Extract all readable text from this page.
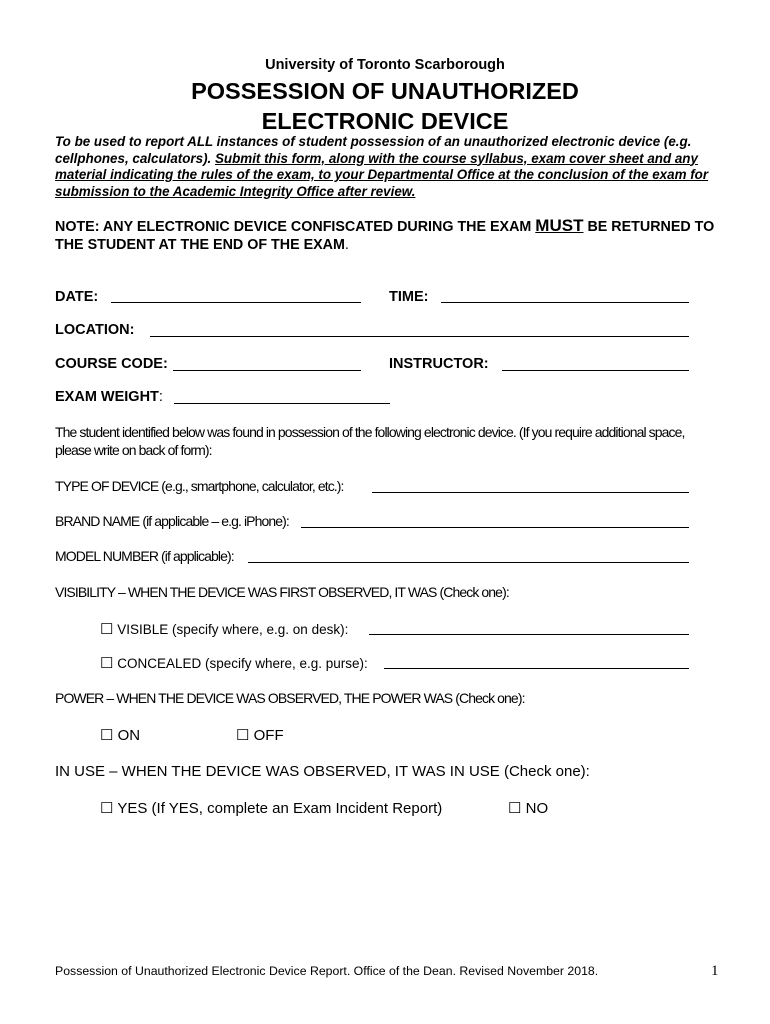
University of Toronto Scarborough
POSSESSION OF UNAUTHORIZED
ELECTRONIC DEVICE
To be used to report ALL instances of student possession of an unauthorized electronic device (e.g. cellphones, calculators). Submit this form, along with the course syllabus, exam cover sheet and any material indicating the rules of the exam, to your Departmental Office at the conclusion of the exam for submission to the Academic Integrity Office after review.
NOTE: ANY ELECTRONIC DEVICE CONFISCATED DURING THE EXAM MUST BE RETURNED TO THE STUDENT AT THE END OF THE EXAM.
DATE:	TIME:
LOCATION:
COURSE CODE:	INSTRUCTOR:
EXAM WEIGHT:
The student identified below was found in possession of the following electronic device. (If you require additional space,
please write on back of form):
TYPE OF DEVICE (e.g., smartphone, calculator, etc.):
BRAND NAME (if applicable – e.g. iPhone):
MODEL NUMBER (if applicable):
VISIBILITY – WHEN THE DEVICE WAS FIRST OBSERVED, IT WAS (Check one):
☐ VISIBLE (specify where, e.g. on desk):
☐ CONCEALED (specify where, e.g. purse):
POWER – WHEN THE DEVICE WAS OBSERVED, THE POWER WAS (Check one):
☐ ON	☐ OFF
IN USE – WHEN THE DEVICE WAS OBSERVED, IT WAS IN USE (Check one):
☐ YES (If YES, complete an Exam Incident Report)	☐ NO
Possession of Unauthorized Electronic Device Report. Office of the Dean. Revised November 2018.	1
